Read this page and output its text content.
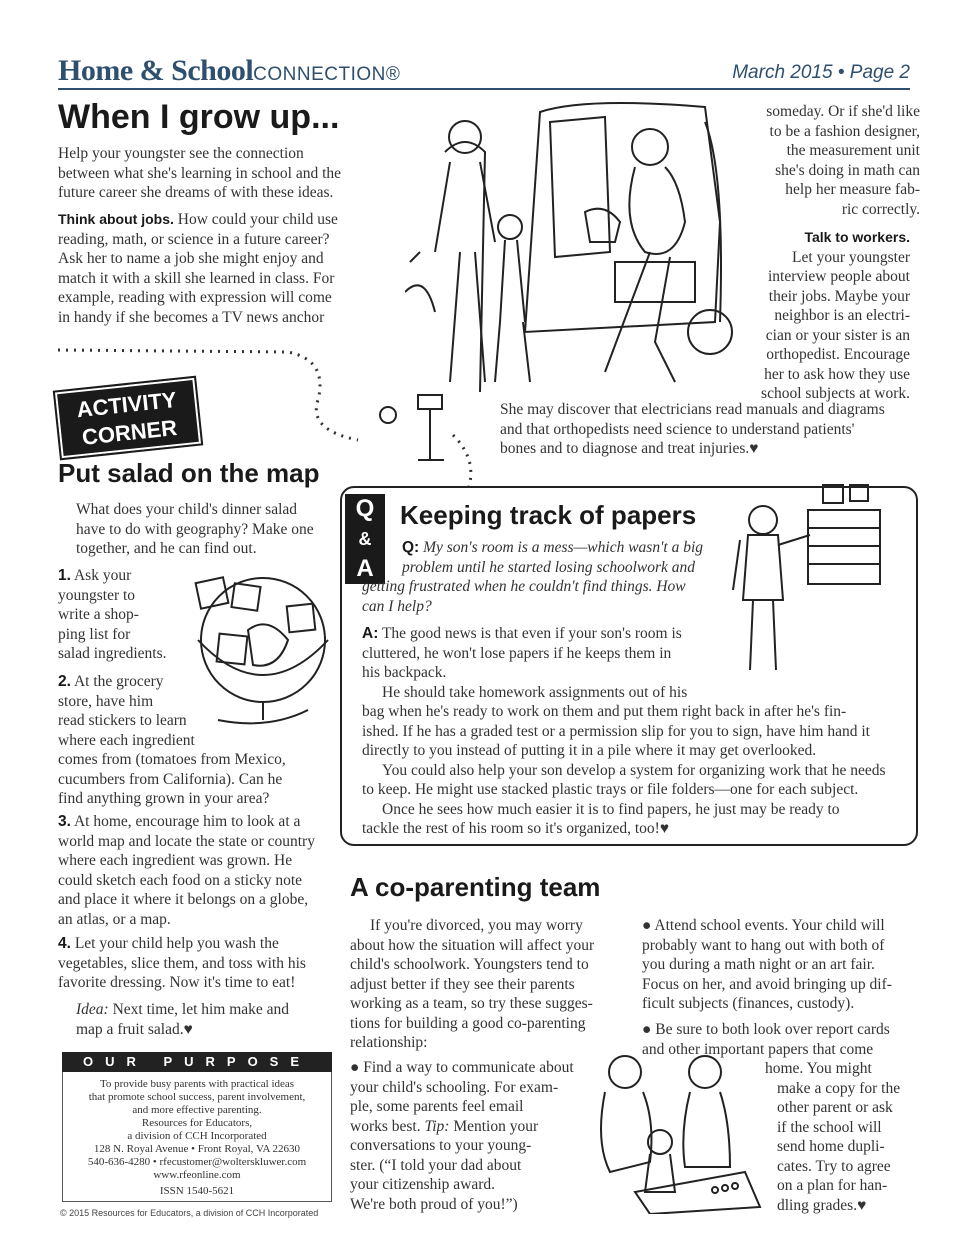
Home & SchoolCONNECTION®	March 2015 • Page 2
When I grow up...
Help your youngster see the connection
between what she's learning in school and the
future career she dreams of with these ideas.
Think about jobs. How could your child use
reading, math, or science in a future career?
Ask her to name a job she might enjoy and
match it with a skill she learned in class. For
example, reading with expression will come
in handy if she becomes a TV news anchor
someday. Or if she'd like
to be a fashion designer,
the measurement unit
she's doing in math can
help her measure fab-
ric correctly.
Talk to workers.
Let your youngster
interview people about
their jobs. Maybe your
neighbor is an electri-
cian or your sister is an
orthopedist. Encourage
her to ask how they use
school subjects at work.
She may discover that electricians read manuals and diagrams
and that orthopedists need science to understand patients'
bones and to diagnose and treat injuries. ♥
ACTIVITY
CORNER
Put salad on the map
What does your child's dinner salad
have to do with geography? Make one
together, and he can find out.
1. Ask your
youngster to
write a shop-
ping list for
salad ingredients.
2. At the grocery
store, have him
read stickers to learn
where each ingredient
comes from (tomatoes from Mexico,
cucumbers from California). Can he
find anything grown in your area?
3. At home, encourage him to look at a
world map and locate the state or country
where each ingredient was grown. He
could sketch each food on a sticky note
and place it where it belongs on a globe,
an atlas, or a map.
4. Let your child help you wash the
vegetables, slice them, and toss with his
favorite dressing. Now it's time to eat!
Idea: Next time, let him make and
map a fruit salad. ♥
OUR PURPOSE
To provide busy parents with practical ideas
that promote school success, parent involvement,
and more effective parenting.
Resources for Educators,
a division of CCH Incorporated
128 N. Royal Avenue • Front Royal, VA 22630
540-636-4280 • rfecustomer@wolterskluwer.com
www.rfeonline.com
ISSN 1540-5621
© 2015 Resources for Educators, a division of CCH Incorporated
Q
&
A
Keeping track of papers
Q: My son's room is a mess—which wasn't a big
problem until he started losing schoolwork and
getting frustrated when he couldn't find things. How
can I help?
A: The good news is that even if your son's room is
cluttered, he won't lose papers if he keeps them in
his backpack.
He should take homework assignments out of his
bag when he's ready to work on them and put them right back in after he's fin-
ished. If he has a graded test or a permission slip for you to sign, have him hand it
directly to you instead of putting it in a pile where it may get overlooked.
You could also help your son develop a system for organizing work that he needs
to keep. He might use stacked plastic trays or file folders—one for each subject.
Once he sees how much easier it is to find papers, he just may be ready to
tackle the rest of his room so it's organized, too! ♥
A co-parenting team
If you're divorced, you may worry
about how the situation will affect your
child's schoolwork. Youngsters tend to
adjust better if they see their parents
working as a team, so try these sugges-
tions for building a good co-parenting
relationship:
● Find a way to communicate about
your child's schooling. For exam-
ple, some parents feel email
works best. Tip: Mention your
conversations to your young-
ster. (“I told your dad about
your citizenship award.
We're both proud of you!”)
● Attend school events. Your child will
probably want to hang out with both of
you during a math night or an art fair.
Focus on her, and avoid bringing up dif-
ficult subjects (finances, custody).
● Be sure to both look over report cards
and other important papers that come
home. You might
make a copy for the
other parent or ask
if the school will
send home dupli-
cates. Try to agree
on a plan for han-
dling grades. ♥
